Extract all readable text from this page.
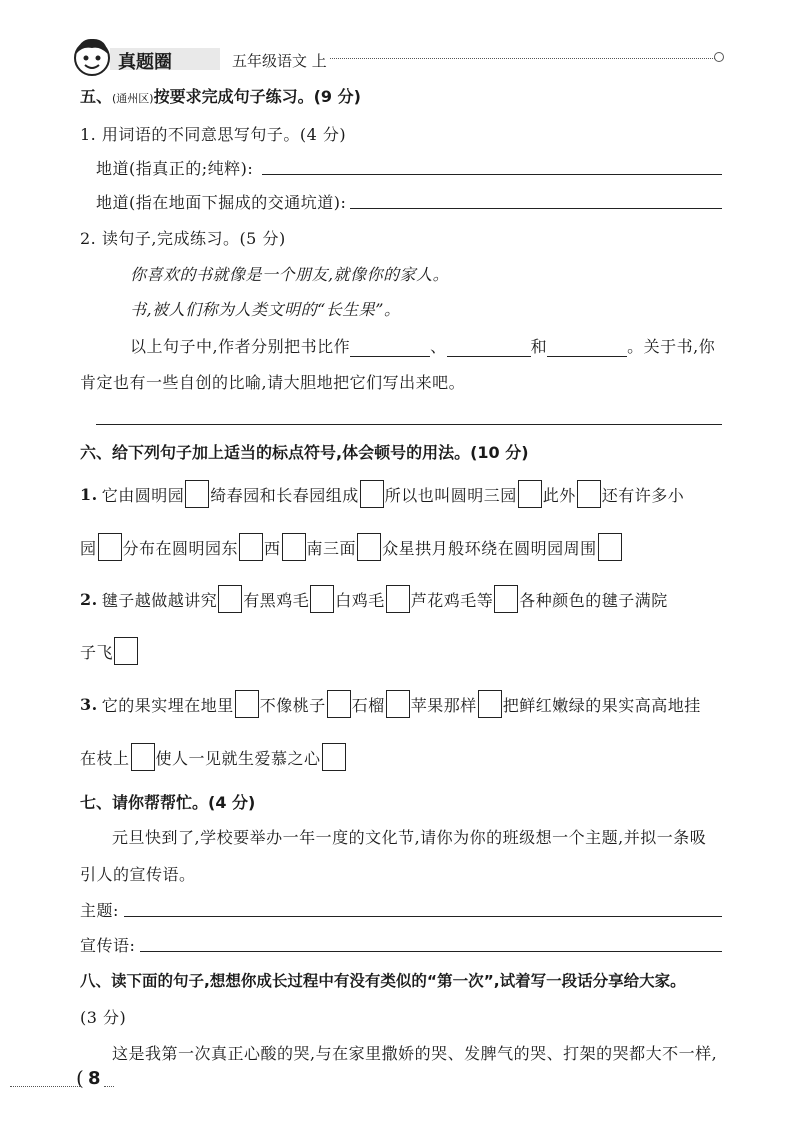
真题圈	五年级语文 上
五、(通州区)按要求完成句子练习。(9 分)
1. 用词语的不同意思写句子。(4 分)
地道(指真正的;纯粹):
地道(指在地面下掘成的交通坑道):
2. 读句子,完成练习。(5 分)
你喜欢的书就像是一个朋友,就像你的家人。
书,被人们称为人类文明的“长生果”。
以上句子中,作者分别把书比作	、	和	。关于书,你
肯定也有一些自创的比喻,请大胆地把它们写出来吧。
六、给下列句子加上适当的标点符号,体会顿号的用法。(10 分)
1. 它由圆明园 绮春园和长春园组成 所以也叫圆明三园 此外 还有许多小
园 分布在圆明园东 西 南三面 众星拱月般环绕在圆明园周围
2. 毽子越做越讲究 有黑鸡毛 白鸡毛 芦花鸡毛等 各种颜色的毽子满院
子飞
3. 它的果实埋在地里 不像桃子 石榴 苹果那样 把鲜红嫩绿的果实高高地挂
在枝上 使人一见就生爱慕之心
七、请你帮帮忙。(4 分)
元旦快到了,学校要举办一年一度的文化节,请你为你的班级想一个主题,并拟一条吸
引人的宣传语。
主题:
宣传语:
八、读下面的句子,想想你成长过程中有没有类似的“第一次”,试着写一段话分享给大家。
(3 分)
这是我第一次真正心酸的哭,与在家里撒娇的哭、发脾气的哭、打架的哭都大不一样,
( 8
